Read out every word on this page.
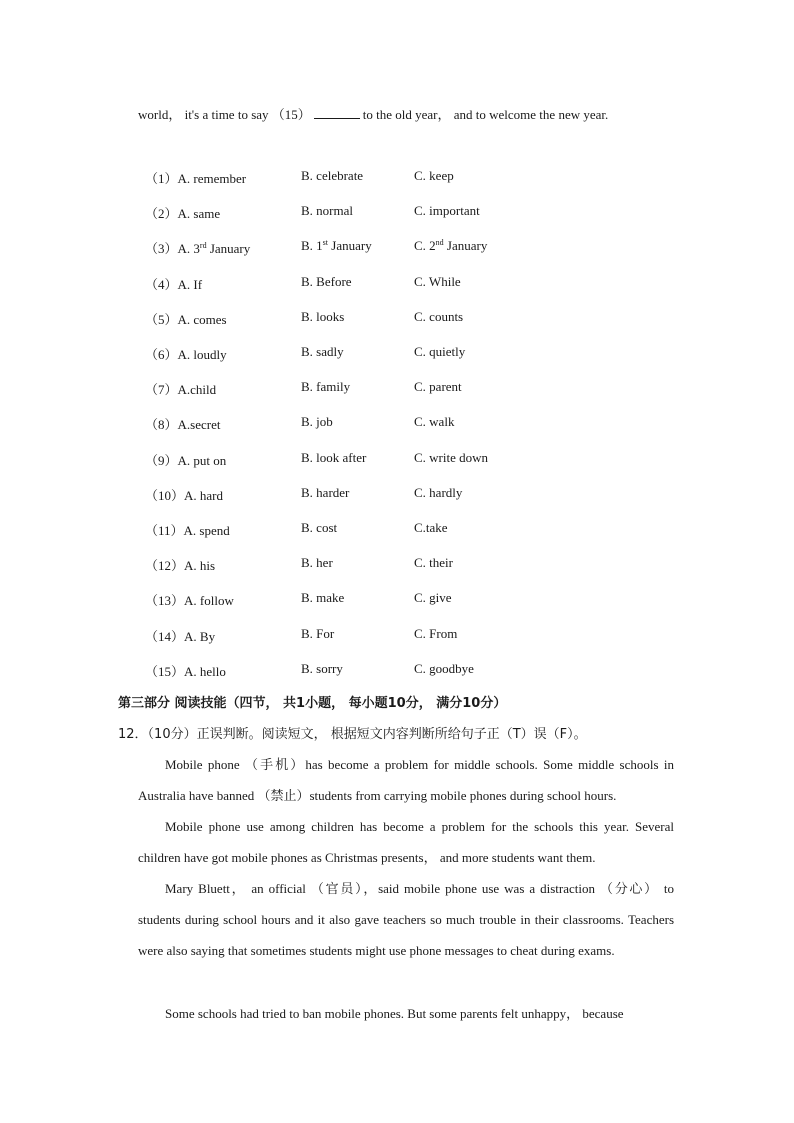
world， it's a time to say （15）	to the old year， and to welcome the new year.
（1）A. remember	B. celebrate	C. keep
（2）A. same	B. normal	C. important
（3）A. 3rd January	B. 1st January	C. 2nd January
（4）A. If	B. Before	C. While
（5）A. comes	B. looks	C. counts
（6）A. loudly	B. sadly	C. quietly
（7）A.child	B. family	C. parent
（8）A.secret	B. job	C. walk
（9）A. put on	B. look after	C. write down
（10）A. hard	B. harder	C. hardly
（11）A. spend	B. cost	C.take
（12）A. his	B. her	C. their
（13）A. follow	B. make	C. give
（14）A. By	B. For	C. From
（15）A. hello	B. sorry	C. goodbye
第三部分 阅读技能（四节， 共1小题， 每小题10分， 满分10分）
12．（10分）正误判断。阅读短文， 根据短文内容判断所给句子正（T）误（F）。
Mobile phone （手机）has become a problem for middle schools. Some middle schools in Australia have banned （禁止）students from carrying mobile phones during school hours.
Mobile phone use among children has become a problem for the schools this year. Several children have got mobile phones as Christmas presents， and more students want them.
Mary Bluett， an official （官员），said mobile phone use was a distraction （分心） to students during school hours and it also gave teachers so much trouble in their classrooms. Teachers were also saying that sometimes students might use phone messages to cheat during exams.
Some schools had tried to ban mobile phones. But some parents felt unhappy， because
